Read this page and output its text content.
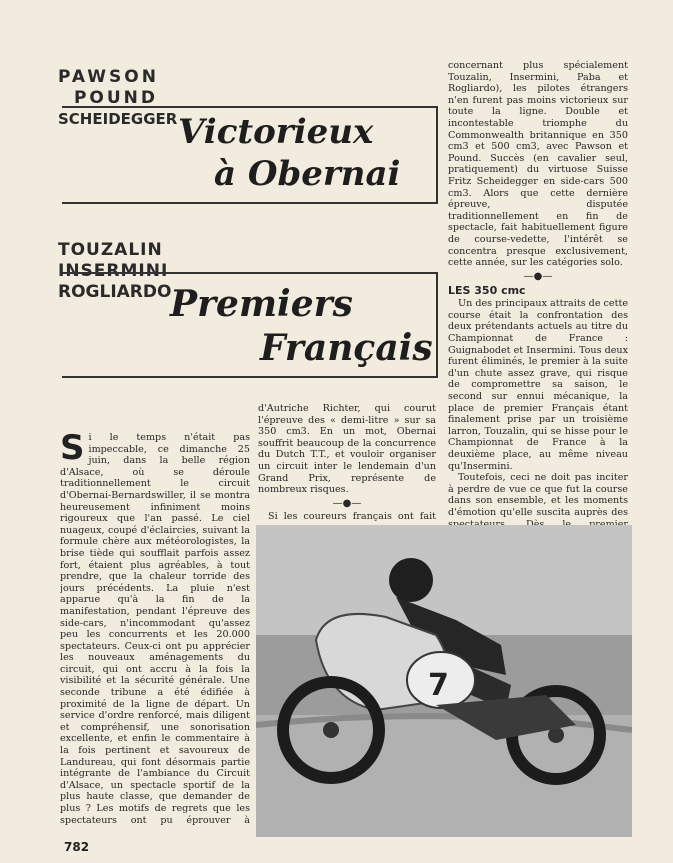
PAWSON
POUND
SCHEIDEGGER Victorieux
à Obernai
TOUZALIN
INSERMINI
ROGLIARDO
Premiers
Français

concernant plus spécialement Touzalin, Insermini, Paba et Rogliardo), les pilotes étrangers n'en furent pas moins victorieux sur toute la ligne. Double et incontestable triomphe du Commonwealth britannique en 350 cm3 et 500 cm3, avec Pawson et Pound. Succès (en cavalier seul, pratiquement) du virtuose Suisse Fritz Scheidegger en side-cars 500 cm3. Alors que cette dernière épreuve, disputée traditionnellement en fin de spectacle, fait habituellement figure de course-vedette, l'intérêt se concentra presque exclusivement, cette année, sur les catégories solo.

—●—
LES 350 cmc

Un des principaux attraits de cette course était la confrontation des deux prétendants actuels au titre du Championnat de France : Guignabodet et Insermini. Tous deux furent éliminés, le premier à la suite d'un chute assez grave, qui risque de compromettre sa saison, le second sur ennui mécanique, la place de premier Français étant finalement prise par un troisième larron, Touzalin, qui se hisse pour le Championnat de France à la deuxième place, au même niveau qu'Insermini.

Toutefois, ceci ne doit pas inciter à perdre de vue ce que fut la course dans son ensemble, et les moments d'émotion qu'elle suscita auprès des

d'Autriche Richter, qui courut l'épreuve des « demi-litre » sur sa 350 cm3. En un mot, Obernai souffrit beaucoup de la concurrence du Dutch T.T., et vouloir organiser un circuit inter le lendemain d'un Grand Prix, représente de nombreux risques.

—●—

Si les coureurs français ont fait

S i le temps n'était pas impeccable, ce dimanche 25 juin, dans la belle région d'Alsace, où se déroule traditionnellement le circuit d'Obernai-Bernardswiller, il se montra heureusement infiniment moins rigoureux que l'an passé. Le ciel nuageux, coupé d'éclaircies, suivant la formule chère aux météorologistes, la brise tiède qui soufflait parfois assez fort, étaient plus agréables, à tout prendre, que la chaleur torride des jours précédents. La pluie n'est apparue qu'à la fin de la manifestation, pendant l'épreuve des side-cars, n'incommodant qu'assez peu les concurrents et les 20.000 spectateurs. Ceux-ci ont pu apprécier les nouveaux aménagements du circuit, qui ont accru à la fois la visibilité et la sécurité générale. Une seconde tribune a été édifiée à proximité de la ligne de départ. Un service d'ordre renforcé, mais diligent et compréhensif, une sonorisation excellente, et enfin le commentaire à la fois pertinent et savoureux de Landureau, qui font désormais partie intégrante de l'ambiance du Circuit d'Alsace, un spectacle sportif de la plus haute classe, que demander de plus ? Les motifs de regrets que les spectateurs ont pu éprouver à
7
782
